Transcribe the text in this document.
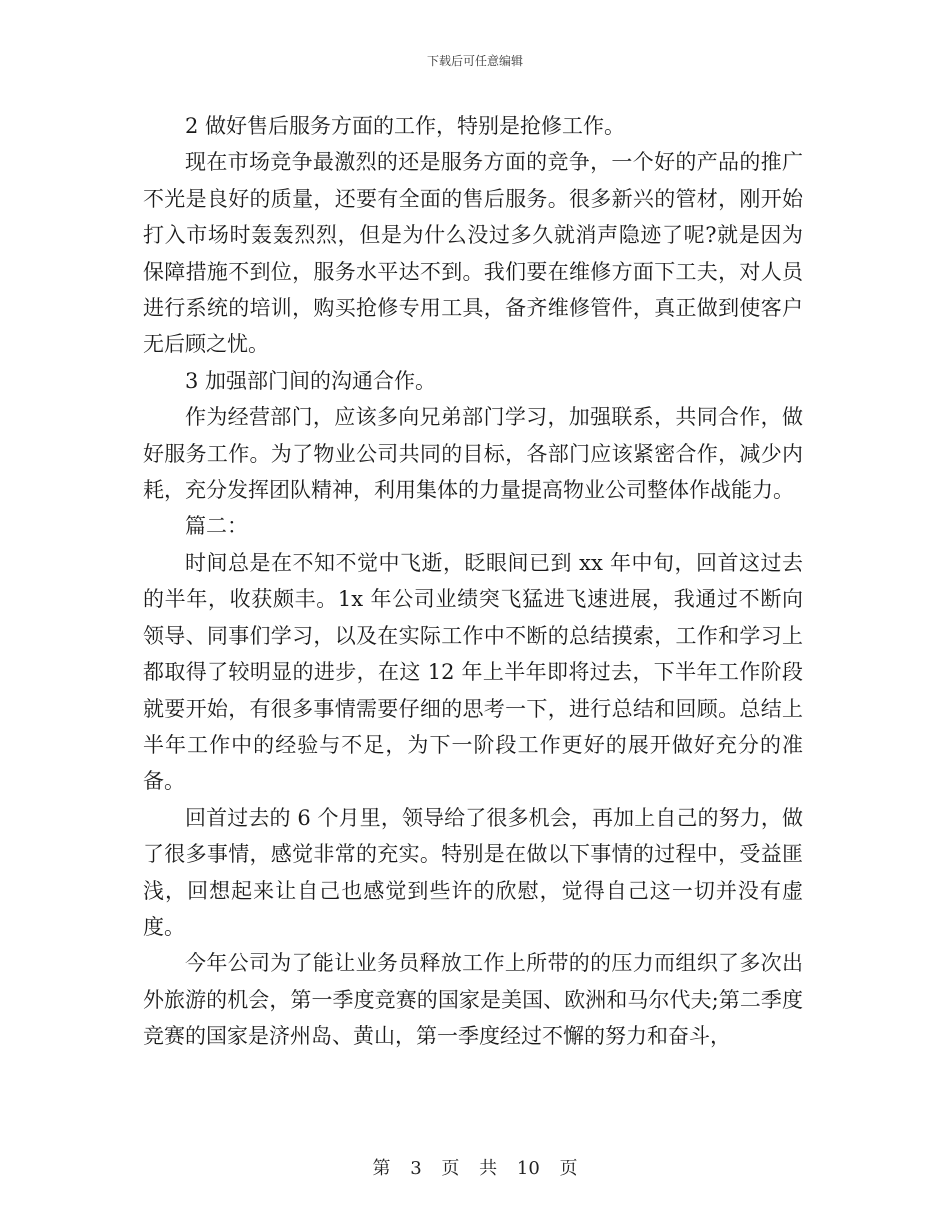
下载后可任意编辑

2 做好售后服务方面的工作，特别是抢修工作。

现在市场竞争最激烈的还是服务方面的竞争，一个好的产品的推广不光是良好的质量，还要有全面的售后服务。很多新兴的管材，刚开始打入市场时轰轰烈烈，但是为什么没过多久就消声隐迹了呢?就是因为保障措施不到位，服务水平达不到。我们要在维修方面下工夫，对人员进行系统的培训，购买抢修专用工具，备齐维修管件，真正做到使客户无后顾之忧。

3 加强部门间的沟通合作。

作为经营部门，应该多向兄弟部门学习，加强联系，共同合作，做好服务工作。为了物业公司共同的目标，各部门应该紧密合作，减少内耗，充分发挥团队精神，利用集体的力量提高物业公司整体作战能力。

篇二：

时间总是在不知不觉中飞逝，眨眼间已到 xx 年中旬，回首这过去的半年，收获颇丰。1x 年公司业绩突飞猛进飞速进展，我通过不断向领导、同事们学习，以及在实际工作中不断的总结摸索，工作和学习上都取得了较明显的进步，在这 12 年上半年即将过去，下半年工作阶段就要开始，有很多事情需要仔细的思考一下，进行总结和回顾。总结上半年工作中的经验与不足，为下一阶段工作更好的展开做好充分的准备。

回首过去的 6 个月里，领导给了很多机会，再加上自己的努力，做了很多事情，感觉非常的充实。特别是在做以下事情的过程中，受益匪浅，回想起来让自己也感觉到些许的欣慰，觉得自己这一切并没有虚度。

今年公司为了能让业务员释放工作上所带的的压力而组织了多次出外旅游的机会，第一季度竞赛的国家是美国、欧洲和马尔代夫;第二季度竞赛的国家是济州岛、黄山，第一季度经过不懈的努力和奋斗，

第 3 页 共 10 页
